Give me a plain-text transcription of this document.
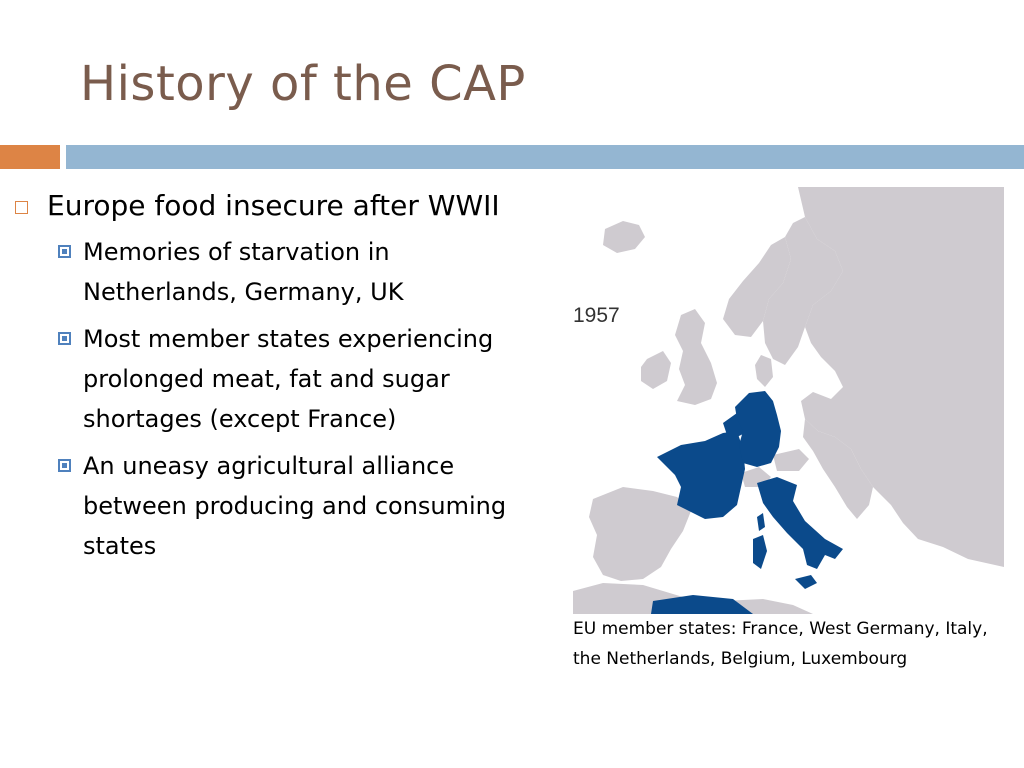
History of the CAP
Europe food insecure after WWII
Memories of starvation in Netherlands, Germany, UK
Most member states experiencing prolonged meat, fat and sugar shortages (except France)
An uneasy agricultural alliance between producing and consuming states
1957
EU member states: France, West Germany, Italy, the Netherlands, Belgium, Luxembourg
